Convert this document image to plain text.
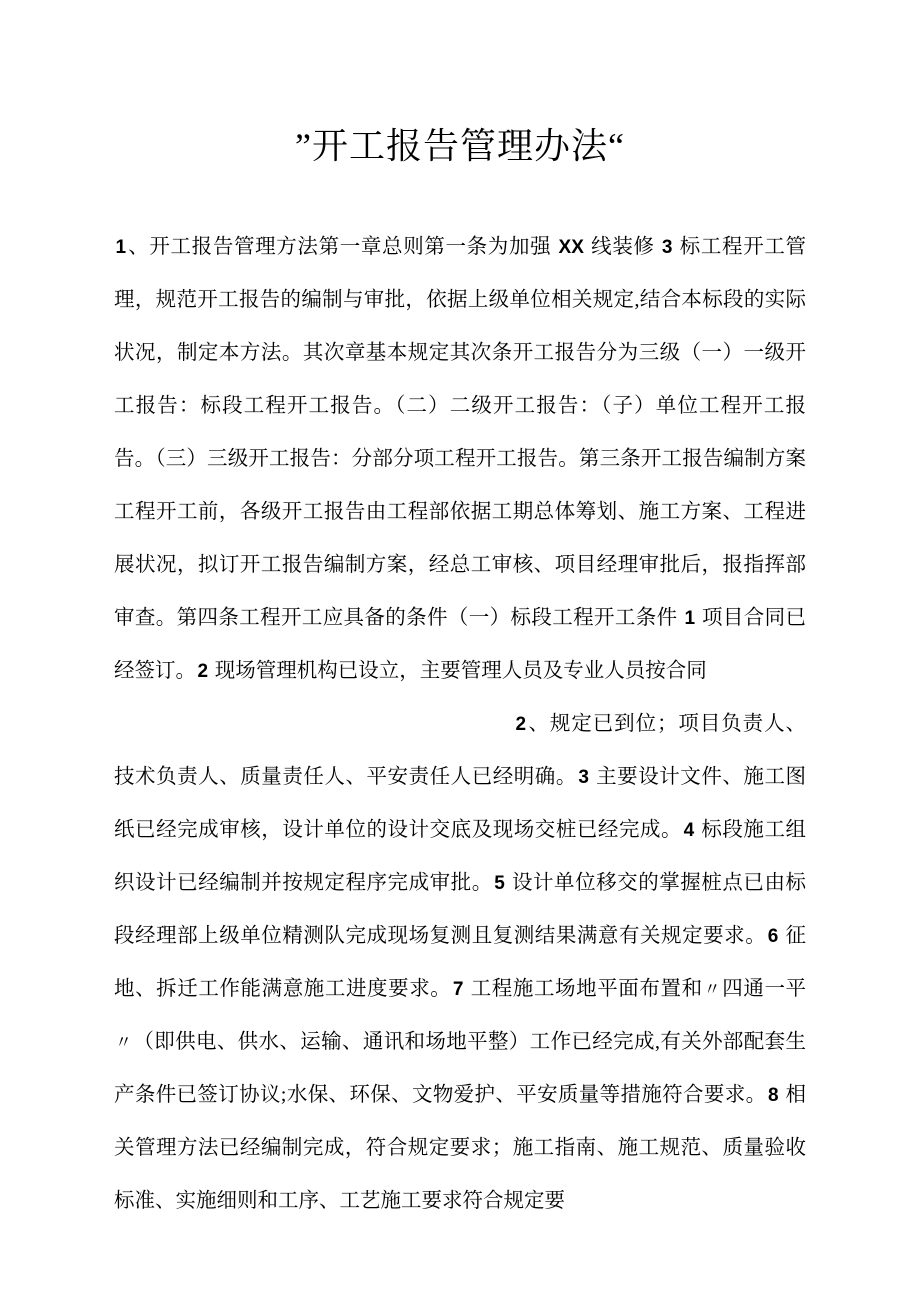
”开工报告管理办法“

1、开工报告管理方法第一章总则第一条为加强 XX 线装修 3 标工程开工管理，规范开工报告的编制与审批，依据上级单位相关规定,结合本标段的实际状况，制定本方法。其次章基本规定其次条开工报告分为三级（一）一级开工报告：标段工程开工报告。（二）二级开工报告：（子）单位工程开工报告。（三）三级开工报告：分部分项工程开工报告。第三条开工报告编制方案工程开工前，各级开工报告由工程部依据工期总体筹划、施工方案、工程进展状况，拟订开工报告编制方案，经总工审核、项目经理审批后，报指挥部审查。第四条工程开工应具备的条件（一）标段工程开工条件 1 项目合同已经签订。2 现场管理机构已设立，主要管理人员及专业人员按合同

2、规定已到位；项目负责人、技术负责人、质量责任人、平安责任人已经明确。3 主要设计文件、施工图纸已经完成审核，设计单位的设计交底及现场交桩已经完成。4 标段施工组织设计已经编制并按规定程序完成审批。5 设计单位移交的掌握桩点已由标段经理部上级单位精测队完成现场复测且复测结果满意有关规定要求。6 征地、拆迁工作能满意施工进度要求。7 工程施工场地平面布置和〃四通一平〃（即供电、供水、运输、通讯和场地平整）工作已经完成,有关外部配套生产条件已签订协议;水保、环保、文物爱护、平安质量等措施符合要求。8 相关管理方法已经编制完成，符合规定要求；施工指南、施工规范、质量验收标准、实施细则和工序、工艺施工要求符合规定要
